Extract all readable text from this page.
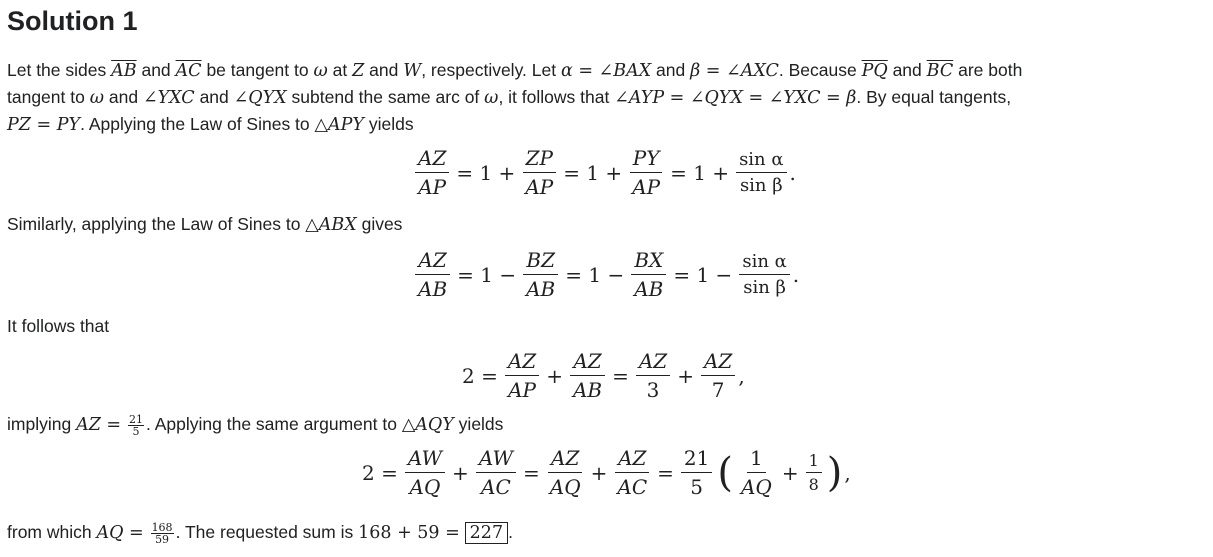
Solution 1
Let the sides $\overline{AB}$ and $\overline{AC}$ be tangent to ω at Z and W, respectively. Let α = ∠BAX and β = ∠AXC. Because $\overline{PQ}$ and $\overline{BC}$ are both
tangent to ω and ∠YXC and ∠QYX subtend the same arc of ω, it follows that ∠AYP = ∠QYX = ∠YXC = β. By equal tangents,
PZ = PY. Applying the Law of Sines to △APY yields
$\frac{AZ}{AP} = 1 + \frac{ZP}{AP} = 1 + \frac{PY}{AP} = 1 + \frac{\text{sin α}}{\text{sin β}}$ .
Similarly, applying the Law of Sines to △ABX gives
$\frac{AZ}{AB} = 1 - \frac{BZ}{AB} = 1 - \frac{BX}{AB} = 1 - \frac{\text{sin α}}{\text{sin β}}$ .
It follows that
$2 = \frac{AZ}{AP} + \frac{AZ}{AB} = \frac{AZ}{3} + \frac{AZ}{7}$ ,
implying AZ = $\frac{21}{5}$ . Applying the same argument to △AQY yields
$2 = \frac{AW}{AQ} + \frac{AW}{AC} = \frac{AZ}{AQ} + \frac{AZ}{AC} = \frac{21}{5}$ ( $\frac{1}{AQ} + \frac{1}{8}$ ) ,
from which AQ = $\frac{168}{59}$ . The requested sum is 168 + 59 = 227 .
